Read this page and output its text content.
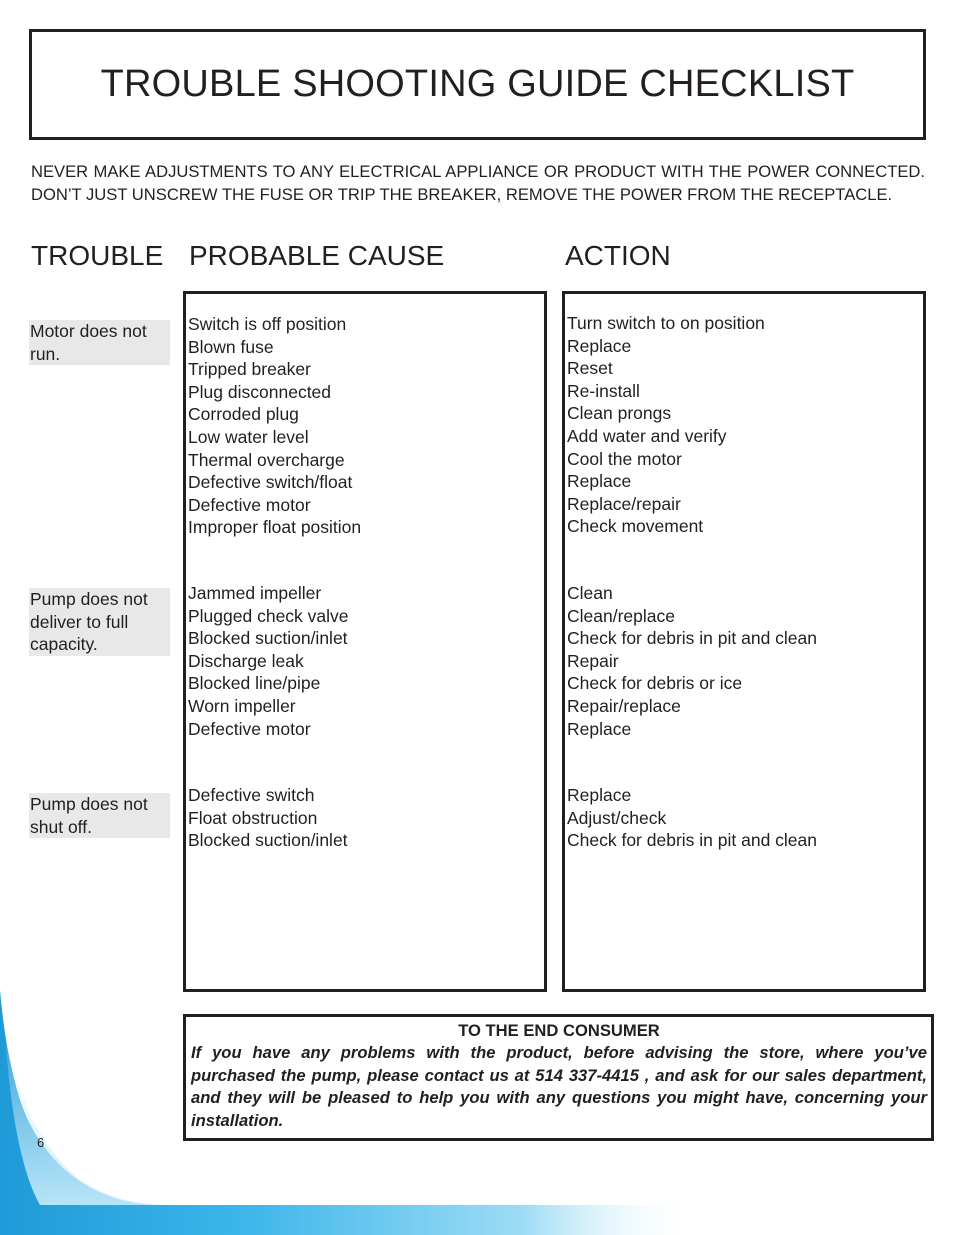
TROUBLE SHOOTING GUIDE CHECKLIST
NEVER MAKE ADJUSTMENTS TO ANY ELECTRICAL APPLIANCE OR PRODUCT WITH THE POWER CONNECTED. DON’T JUST UNSCREW THE FUSE OR TRIP THE BREAKER, REMOVE THE POWER FROM THE RECEPTACLE.
TROUBLE PROBABLE CAUSE	ACTION
Motor does not
run.
Pump does not
deliver to full
capacity.
Pump does not
shut off.
Switch is off position
Blown fuse
Tripped breaker
Plug disconnected
Corroded plug
Low water level
Thermal overcharge
Defective switch/float
Defective motor
Improper float position
Turn switch to on position
Replace
Reset
Re-install
Clean prongs
Add water and verify
Cool the motor
Replace
Replace/repair
Check movement
Jammed impeller
Plugged check valve
Blocked suction/inlet
Discharge leak
Blocked line/pipe
Worn impeller
Defective motor
Clean
Clean/replace
Check for debris in pit and clean
Repair
Check for debris or ice
Repair/replace
Replace
Defective switch
Float obstruction
Blocked suction/inlet
Replace
Adjust/check
Check for debris in pit and clean
TO THE END CONSUMER

If you have any problems with the product, before advising the store, where you’ve purchased the pump, please contact us at 514 337-4415 , and ask for our sales department, and they will be pleased to help you with any questions you might have, concerning your installation.

6
